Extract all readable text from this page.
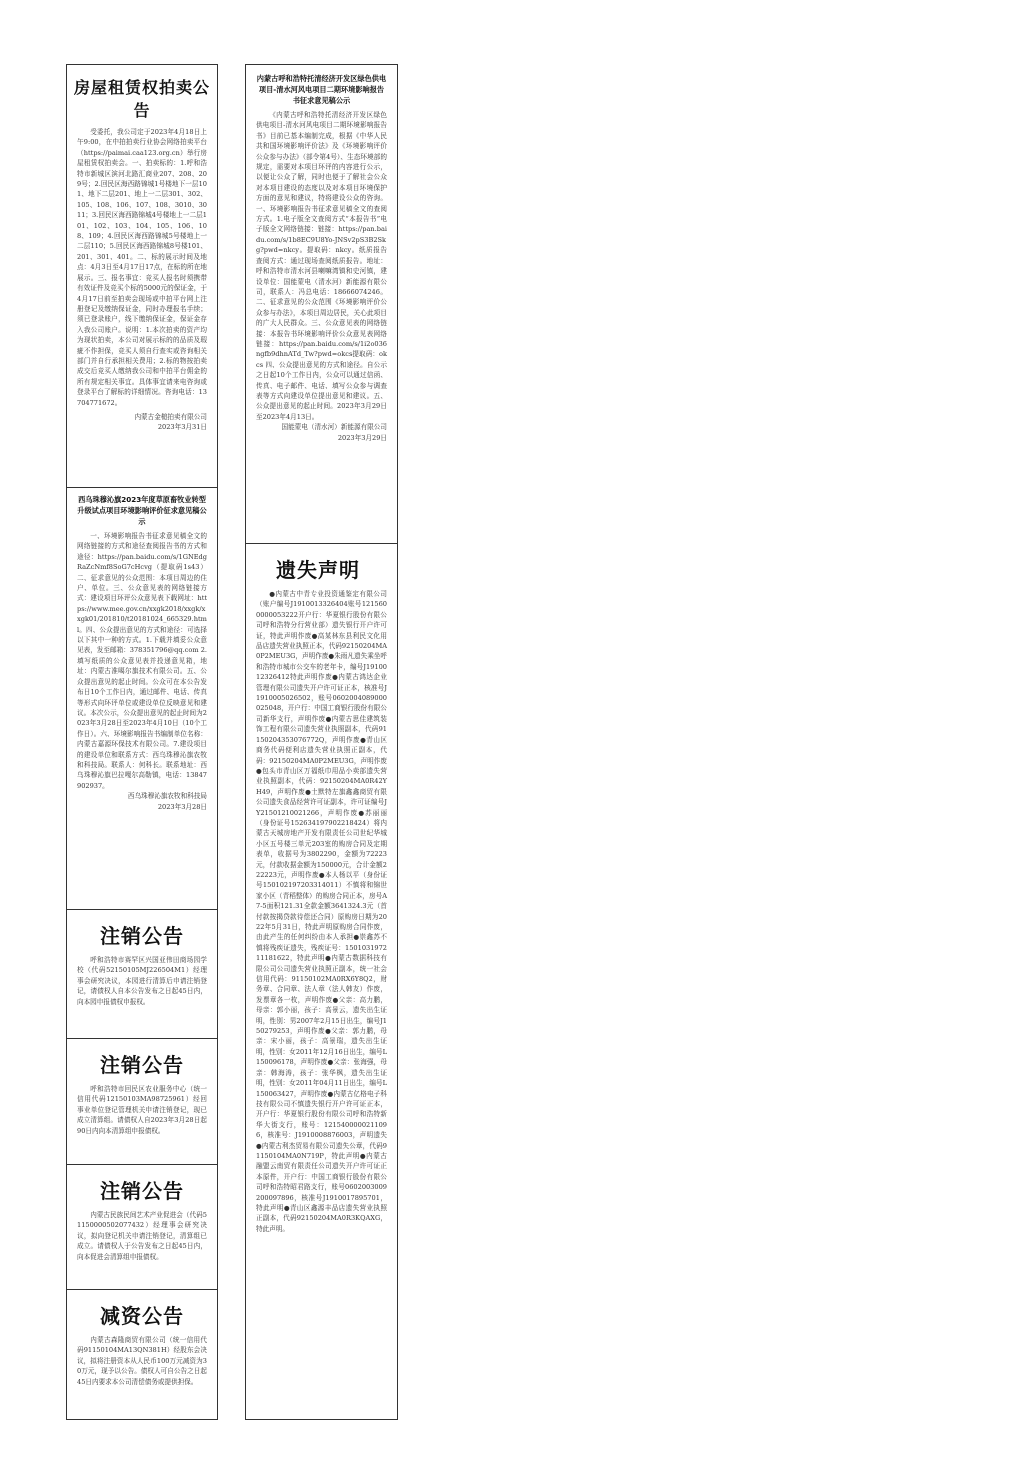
房屋租赁权拍卖公告
受委托，我公司定于2023年4月18日上午9:00，在中拍拍卖行业协会网络拍卖平台（https://paimai.caa123.org.cn）举行房屋租赁权拍卖会。一、拍卖标的：1.呼和浩特市新城区滨河北路汇商业207、208、209号；2.回民区海西路锦城1号楼地下一层101、地下二层201、地上一二层301、302、105、108、106、107、108、3010、3011；3.回民区海西路锦城4号楼地上一二层101、102、103、104、105、106、108、109；4.回民区海西路锦城5号楼地上一二层110；5.回民区海西路锦城8号楼101、201、301、401。二、标的展示时间及地点：4月3日至4月17日17点，在标的所在地展示。三、报名事宜：竞买人报名时须携带有效证件及竞买个标的5000元的保证金，于4月17日前至拍卖会现场或中拍平台网上注册登记及缴纳保证金，同时办理报名手续；须已登录账户，线下缴纳保证金，保证金存入我公司账户。说明：1.本次拍卖的资产均为现状拍卖，本公司对展示标的的品质及瑕疵不作担保，竞买人须自行查实或咨询相关部门并自行承担相关费用；2.标的物按拍卖成交后竞买人缴纳我公司和中拍平台佣金的所有规定相关事宜。具体事宜请来电咨询或登录平台了解标的详细情况。咨询电话：13704771672。
内蒙古金槌拍卖有限公司
2023年3月31日
西乌珠穆沁旗2023年度草原畜牧业转型升级试点项目环境影响评价征求意见稿公示
一、环境影响报告书征求意见稿全文的网络链接的方式和途径查阅报告书的方式和途径：https://pan.baidu.com/s/1GNEdgRaZcNmf8SoG7cHcvg（提取码1s43）二、征求意见的公众范围：本项目周边的住户、单位。三、公众意见表的网络链接方式：建设项目环评公众意见表下载网址：https://www.mee.gov.cn/xxgk2018/xxgk/xxgk01/201810/t20181024_665329.html。四、公众提出意见的方式和途径：可选择以下其中一种的方式。1.下载并填妥公众意见表，发至邮箱：378351796@qq.com 2.填写纸质的公众意见表并投递意见箱，地址：内蒙古准噶尔旗技术有限公司。五、公众提出意见的起止时间。公众可在本公告发布日10个工作日内，通过邮件、电话、传真等形式向环评单位或建设单位反映意见和建议。本次公示，公众提出意见的起止时间为2023年3月28日至2023年4月10日（10个工作日）。六、环境影响报告书编制单位名称：内蒙古嘉源环保技术有限公司。7.建设项目的建设单位和联系方式：西乌珠穆沁旗农牧和科技局。联系人：何科长。联系地址：西乌珠穆沁旗巴拉嘎尔高勒镇，电话：13847902937。
西乌珠穆沁旗农牧和科技局
2023年3月28日
注销公告
呼和浩特市赛罕区兴国亚伟田商场园学校（代码52150105MJ226504M1）经理事会研究决议，本园进行清算后申请注销登记，请债权人自本公告发布之日起45日内，向本园申报债权申报权。
注销公告
呼和浩特市回民区农业服务中心（统一信用代码12150103MA98725961）经回事业单位登记管理机关申请注销登记，现已成立清算组。请债权人自2023年3月28日起90日内向本清算组申报债权。
注销公告
内蒙古民族民间艺术产业促进会（代码51150000502077432）经理事会研究决议，拟向登记机关申请注销登记，清算组已成立。请债权人于公告发布之日起45日内，向本促进会清算组申报债权。
减资公告
内蒙古森隆商贸有限公司（统一信用代码91150104MA13QN381H）经股东会决议，拟将注册资本从人民币100万元减资为30万元，现予以公告。债权人可自公告之日起45日内要求本公司清偿债务或提供担保。
内蒙古呼和浩特托清经济开发区绿色供电项目-清水河风电项目二期环境影响报告书征求意见稿公示
《内蒙古呼和浩特托清经济开发区绿色供电项目-清水河风电项目二期环境影响报告书》目前已基本编制完成，根据《中华人民共和国环境影响评价法》及《环境影响评价公众参与办法》（部令第4号）、生态环境部的规定，需要对本项目环评的内容进行公示，以便让公众了解，同时也便于了解社会公众对本项目建设的态度以及对本项目环境保护方面的意见和建议，特将建设公众的咨询。一、环境影响报告书征求意见稿全文的查阅方式。1.电子版全文查阅方式“本报告书”电子版全文网络链接：链接：https://pan.baidu.com/s/1b8EC9U8Yo-JNSv2pS3B2Skg?pwd=nkcy。提取码：nkcy。纸质报告查阅方式：通过现场查阅纸质报告。地址：呼和浩特市清水河县喇嘛湾镇和史河镇，建设单位：国能蒙电（清水河）新能源有限公司，联系人：冯总电话：18666074246。二、征求意见的公众范围《环境影响评价公众参与办法》，本项目周边居民，关心此项目的广大人民群众。三、公众意见表的网络链接：本报告书环境影响评价公众意见表网络链接：https://pan.baidu.com/s/1i2o036ngfb9dhnATd_Tw?pwd=okcs提取码：okcs 四、公众提出意见的方式和途径。自公示之日起10个工作日内，公众可以通过信函、传真、电子邮件、电话、填写公众参与调查表等方式向建设单位提出意见和建议。五、公众提出意见的起止时间。2023年3月29日至2023年4月13日。
国能蒙电（清水河）新能源有限公司
2023年3月29日
遗失声明
●内蒙古中青专业投资通鉴定有限公司（账户编号J1910013326404账号1215600000053222开户行：华夏银行股份有限公司呼和浩特分行营业部）遗失银行开户许可证，特此声明作废●高某林东县利民文化用品店遗失营业执照正本，代码92150204MA0P2MEU3G，声明作废●朱雨凡遗失乘坐呼和浩特市城市公交车的老年卡，编号J1910012326412特此声明作废●内蒙古鸿达企业管理有限公司遗失开户许可证正本，核准号J1910005026502，账号0602004089000025048，开户行：中国工商银行股份有限公司新华支行，声明作废●内蒙古思佳建筑装饰工程有限公司遗失营业执照副本，代码91150204353076772Q，声明作废●青山区商务代码便利店遗失营业执照正副本，代码：92150204MA0P2MEU3G，声明作废●包头市青山区万福纸巾用品小卖部遗失营业执照副本，代码：92150204MA0R42YH49，声明作废●土默特左旗鑫鑫商贸有限公司遗失食品经营许可证副本，许可证编号JY21501210021266，声明作废●苏丽丽（身份证号152634197902218424）将内蒙古天城房地产开发有限责任公司世纪华城小区五号楼三单元203室的购房合同及定期表单，收据号为3802290，金额为72223元，付款收据金额为150000元，合计金额222223元，声明作废●本人杨以平（身份证号150102197203314011）不慎将和锦世家小区（青稻整体）的购房合同正本，房号A7-5面积121.31全款金额3641324.3元（首付款按揭贷款待偿还合同）原购房日期为2022年5月31日，特此声明原购房合同作废，由此产生的任何纠纷由本人承担●崇鑫苏不慎将残疾证遗失，残疾证号：150103197211181622，特此声明●内蒙古数据科技有限公司公司遗失营业执照正副本，统一社会信用代码：91150102MA0RX6Y8Q2，财务章、合同章、法人章（法人韩友）作废，发票章各一枚，声明作废●父亲：高力鹏，母亲：郭小丽，孩子：高景云，遗失出生证明，性别：男2007年2月15日出生，编号J150279253，声明作废●父亲：郭力鹏，母亲：宋小丽，孩子：高景瑞，遗失出生证明，性别：女2011年12月16日出生，编号L150096178，声明作废●父亲：张海强，母亲：韩海涛，孩子：张华枫，遗失出生证明，性别：女2011年04月11日出生，编号L150063427，声明作废●内蒙古亿格电子科技有限公司不慎遗失银行开户许可证正本，开户行：华夏银行股份有限公司呼和浩特新华大街支行，账号：1215400000211096，核准号：J1910008876003，声明遗失●内蒙古利杰贸易有限公司遗失公章，代码91150104MA0N719P，特此声明●内蒙古融盟云南贸有限责任公司遗失开户许可证正本原件，开户行：中国工商银行股份有限公司呼和浩特昭君路支行，账号0602003009200097896，核准号J1910017895701，特此声明●青山区鑫源丰品店遗失营业执照正副本，代码92150204MA0R3KQAXG，特此声明。
